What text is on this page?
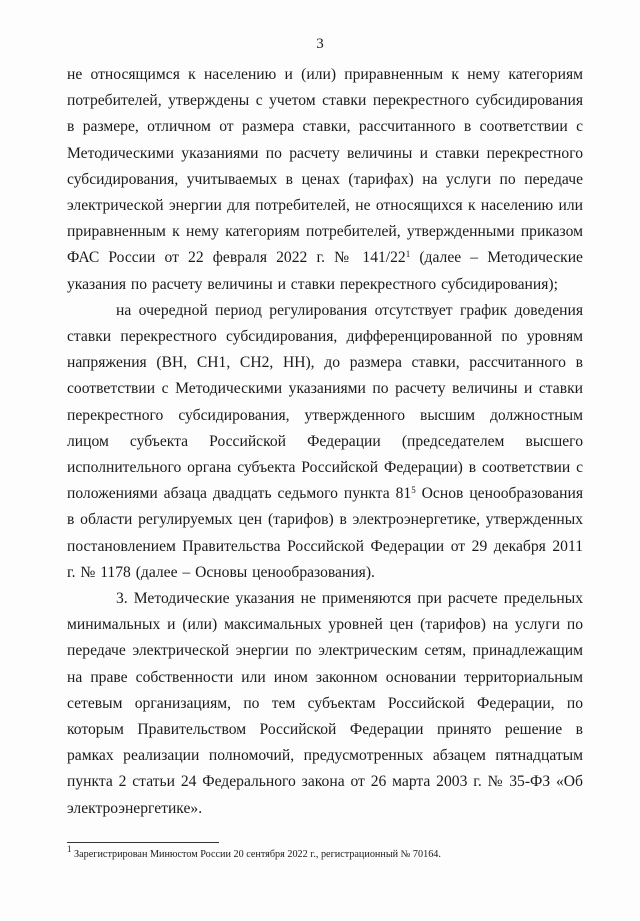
3

не относящимся к населению и (или) приравненным к нему категориям потребителей, утверждены с учетом ставки перекрестного субсидирования в размере, отличном от размера ставки, рассчитанного в соответствии с Методическими указаниями по расчету величины и ставки перекрестного субсидирования, учитываемых в ценах (тарифах) на услуги по передаче электрической энергии для потребителей, не относящихся к населению или приравненным к нему категориям потребителей, утвержденными приказом ФАС России от 22 февраля 2022 г. № $141/22^1$ (далее – Методические указания по расчету величины и ставки перекрестного субсидирования);

на очередной период регулирования отсутствует график доведения ставки перекрестного субсидирования, дифференцированной по уровням напряжения (ВН, СН1, СН2, НН), до размера ставки, рассчитанного в соответствии с Методическими указаниями по расчету величины и ставки перекрестного субсидирования, утвержденного высшим должностным лицом субъекта Российской Федерации (председателем высшего исполнительного органа субъекта Российской Федерации) в соответствии с положениями абзаца двадцать седьмого пункта $81^5$ Основ ценообразования в области регулируемых цен (тарифов) в электроэнергетике, утвержденных постановлением Правительства Российской Федерации от 29 декабря 2011 г. № 1178 (далее – Основы ценообразования).

3. Методические указания не применяются при расчете предельных минимальных и (или) максимальных уровней цен (тарифов) на услуги по передаче электрической энергии по электрическим сетям, принадлежащим на праве собственности или ином законном основании территориальным сетевым организациям, по тем субъектам Российской Федерации, по которым Правительством Российской Федерации принято решение в рамках реализации полномочий, предусмотренных абзацем пятнадцатым пункта 2 статьи 24 Федерального закона от 26 марта 2003 г. № 35-ФЗ «Об электроэнергетике».

$^1$ Зарегистрирован Минюстом России 20 сентября 2022 г., регистрационный № 70164.
